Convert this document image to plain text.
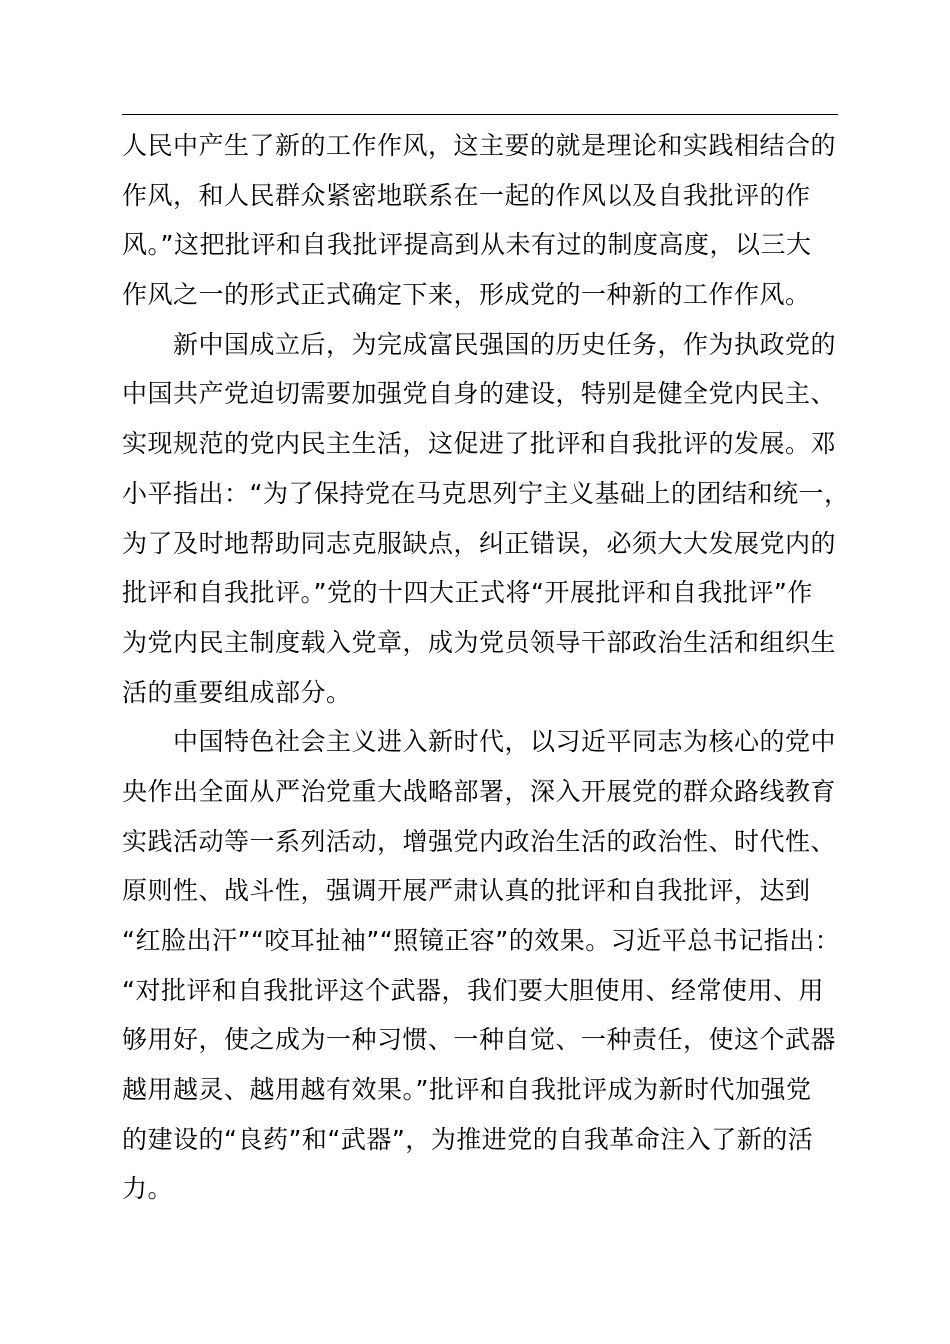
人民中产生了新的工作作风，这主要的就是理论和实践相结合的
作风，和人民群众紧密地联系在一起的作风以及自我批评的作
风。”这把批评和自我批评提高到从未有过的制度高度，以三大
作风之一的形式正式确定下来，形成党的一种新的工作作风。
　　新中国成立后，为完成富民强国的历史任务，作为执政党的
中国共产党迫切需要加强党自身的建设，特别是健全党内民主、
实现规范的党内民主生活，这促进了批评和自我批评的发展。邓
小平指出：“为了保持党在马克思列宁主义基础上的团结和统一，
为了及时地帮助同志克服缺点，纠正错误，必须大大发展党内的
批评和自我批评。”党的十四大正式将“开展批评和自我批评”作
为党内民主制度载入党章，成为党员领导干部政治生活和组织生
活的重要组成部分。
　　中国特色社会主义进入新时代，以习近平同志为核心的党中
央作出全面从严治党重大战略部署，深入开展党的群众路线教育
实践活动等一系列活动，增强党内政治生活的政治性、时代性、
原则性、战斗性，强调开展严肃认真的批评和自我批评，达到
“红脸出汗”“咬耳扯袖”“照镜正容”的效果。习近平总书记指出：
“对批评和自我批评这个武器，我们要大胆使用、经常使用、用
够用好，使之成为一种习惯、一种自觉、一种责任，使这个武器
越用越灵、越用越有效果。”批评和自我批评成为新时代加强党
的建设的“良药”和“武器”，为推进党的自我革命注入了新的活
力。
